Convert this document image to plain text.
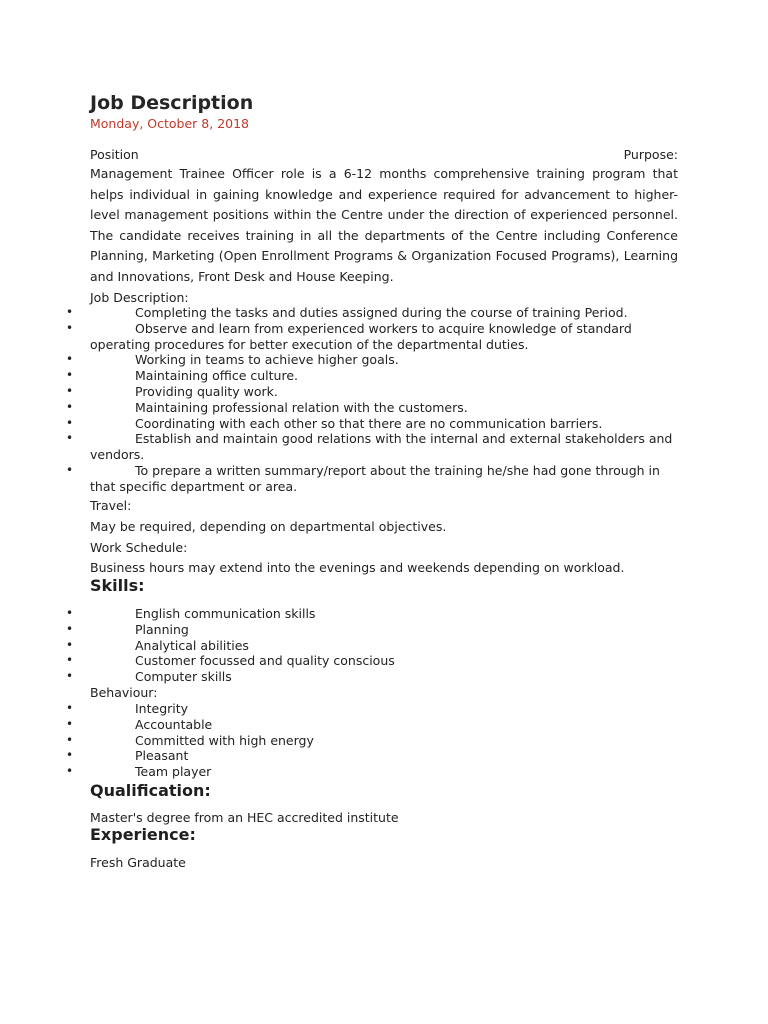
Job Description
Monday, October 8, 2018
Position	Purpose:

Management Trainee Officer role is a 6-12 months comprehensive training program that helps individual in gaining knowledge and experience required for advancement to higher-level management positions within the Centre under the direction of experienced personnel. The candidate receives training in all the departments of the Centre including Conference Planning, Marketing (Open Enrollment Programs & Organization Focused Programs), Learning and Innovations, Front Desk and House Keeping.

Job Description:
•	Completing the tasks and duties assigned during the course of training Period.
•	Observe and learn from experienced workers to acquire knowledge of standard operating procedures for better execution of the departmental duties.
•	Working in teams to achieve higher goals.
•	Maintaining office culture.
•	Providing quality work.
•	Maintaining professional relation with the customers.
•	Coordinating with each other so that there are no communication barriers.
•	Establish and maintain good relations with the internal and external stakeholders and vendors.
•	To prepare a written summary/report about the training he/she had gone through in that specific department or area.
Travel:
May be required, depending on departmental objectives.
Work Schedule:
Business hours may extend into the evenings and weekends depending on workload.
Skills:
•	English communication skills
•	Planning
•	Analytical abilities
•	Customer focussed and quality conscious
•	Computer skills
Behaviour:
•	Integrity
•	Accountable
•	Committed with high energy
•	Pleasant
•	Team player
Qualification:
Master's degree from an HEC accredited institute
Experience:
Fresh Graduate
